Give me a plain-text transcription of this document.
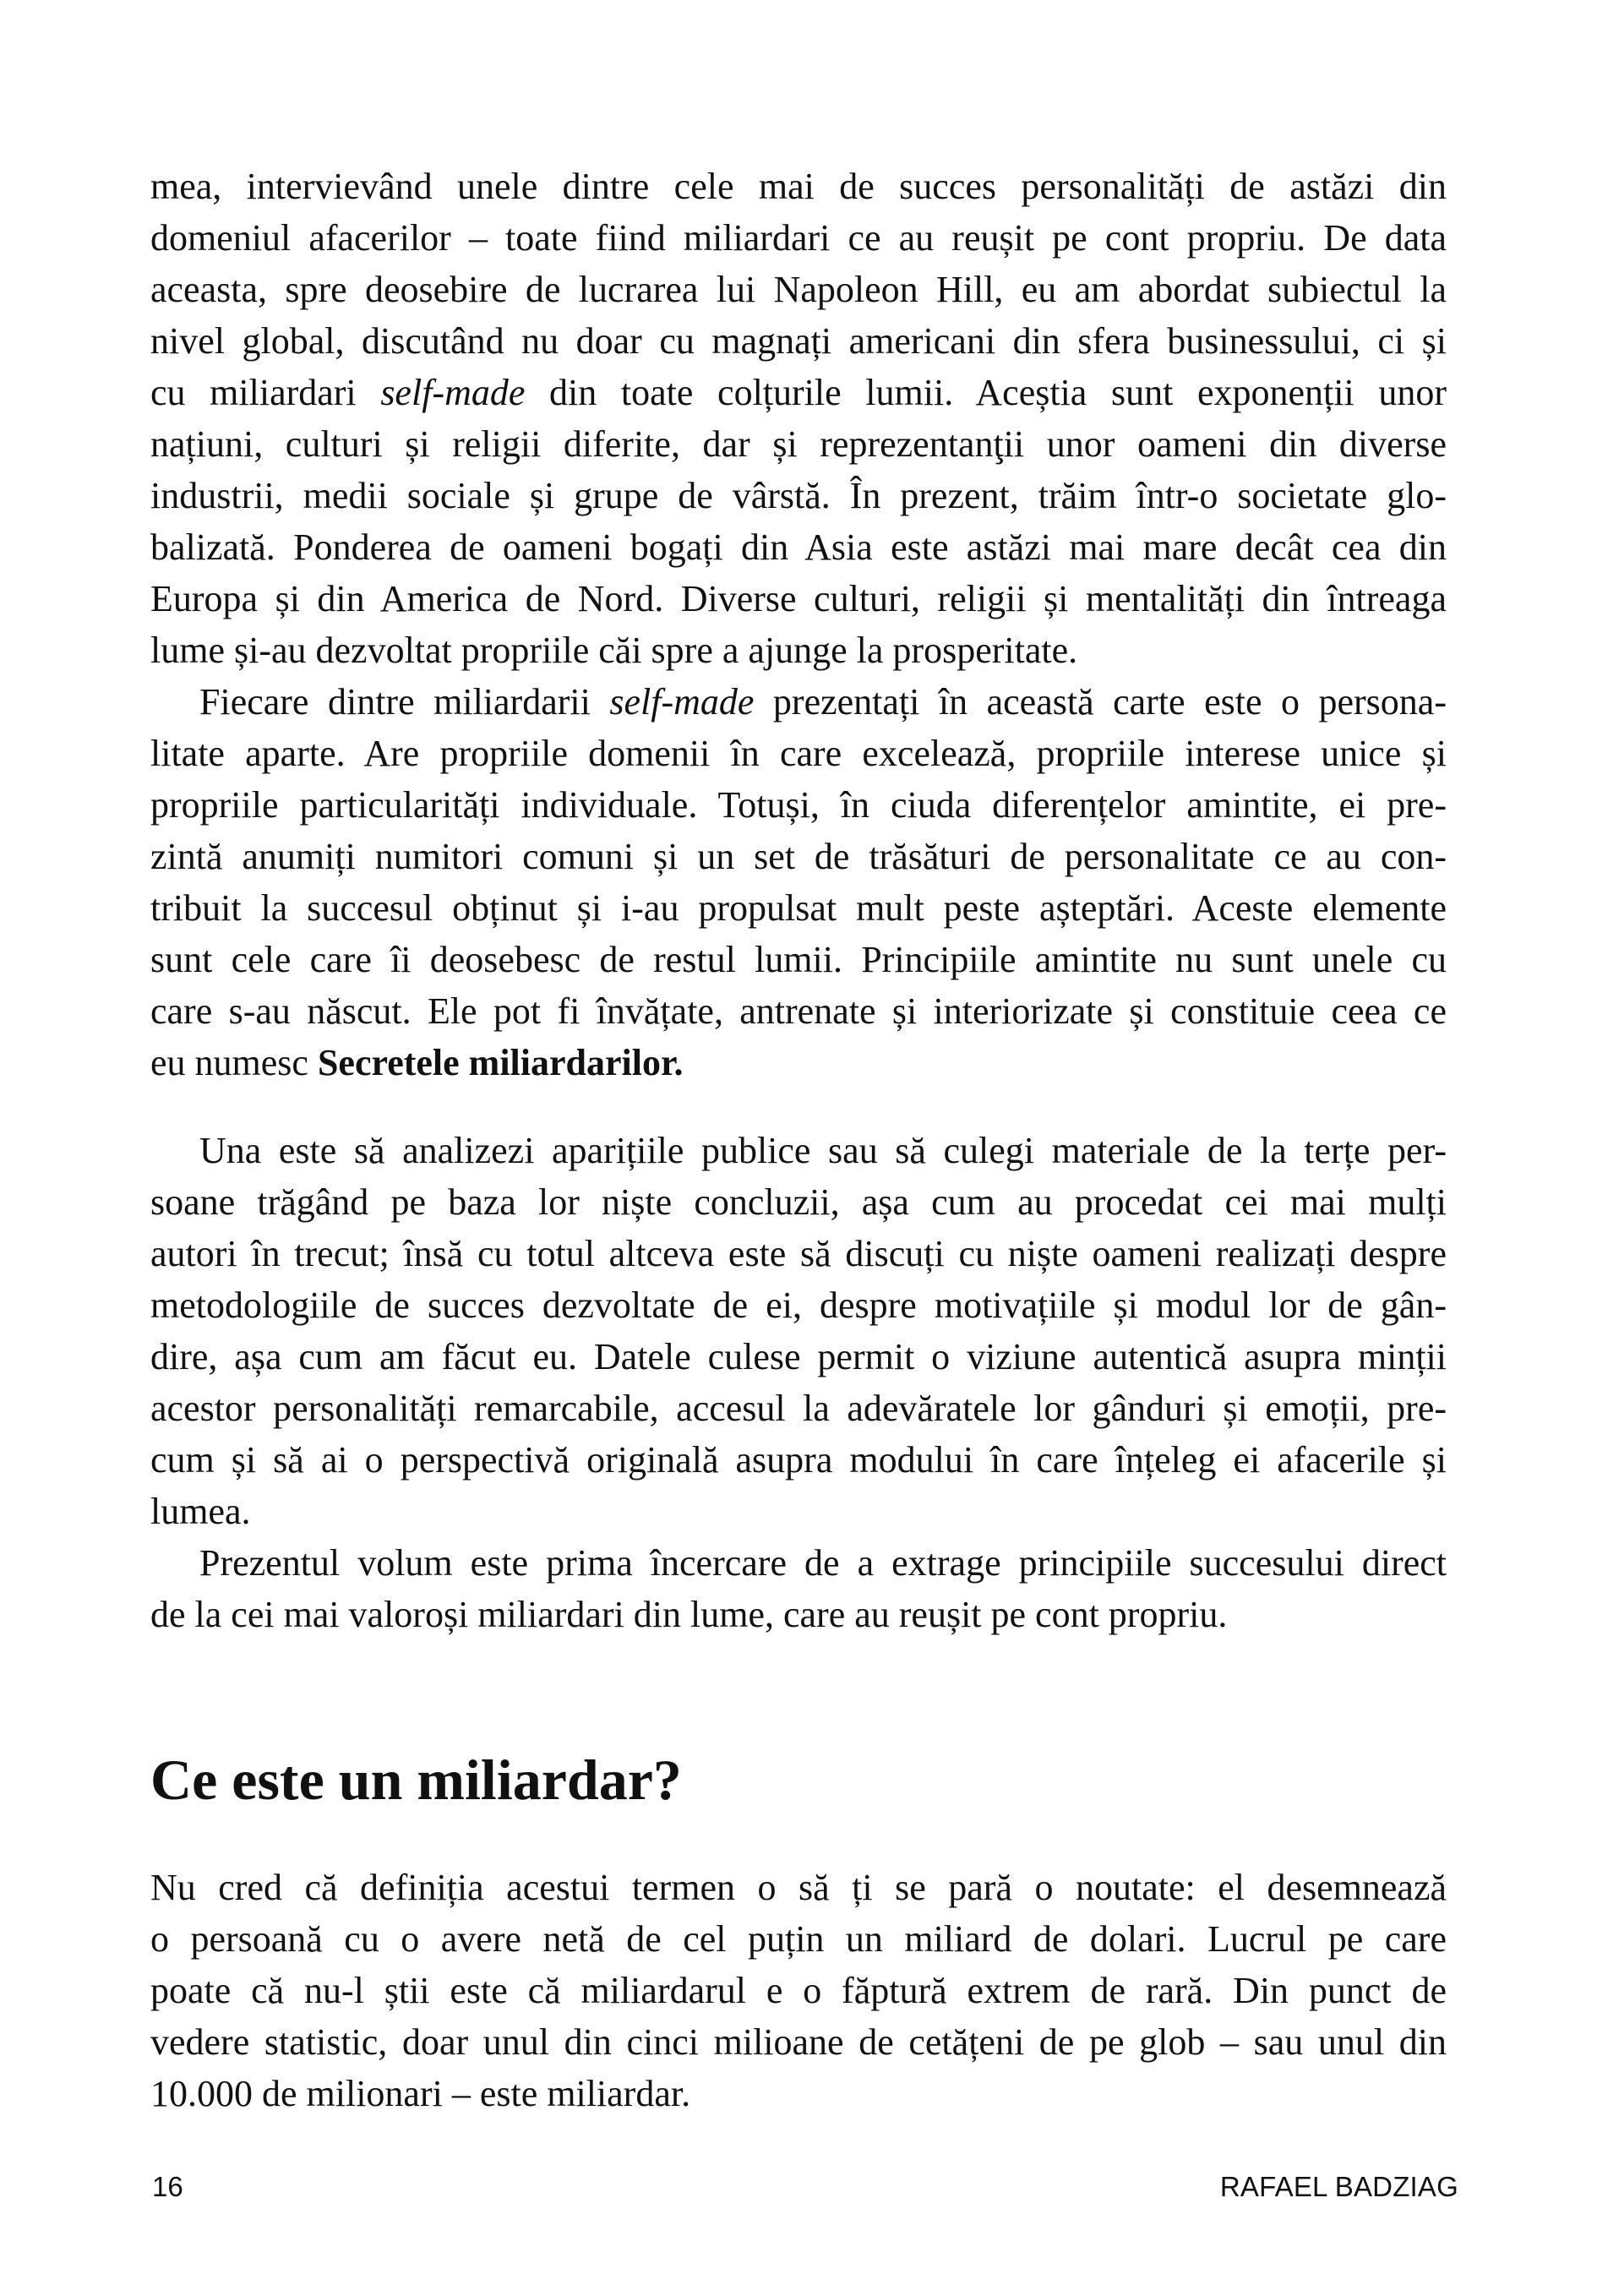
mea, intervievând unele dintre cele mai de succes personalități de astăzi din
domeniul afacerilor – toate fiind miliardari ce au reușit pe cont propriu. De data
aceasta, spre deosebire de lucrarea lui Napoleon Hill, eu am abordat subiectul la
nivel global, discutând nu doar cu magnați americani din sfera businessului, ci și
cu miliardari self-made din toate colțurile lumii. Aceștia sunt exponenții unor
națiuni, culturi și religii diferite, dar și reprezentanţii unor oameni din diverse
industrii, medii sociale și grupe de vârstă. În prezent, trăim într-o societate glo-
balizată. Ponderea de oameni bogați din Asia este astăzi mai mare decât cea din
Europa și din America de Nord. Diverse culturi, religii și mentalități din întreaga
lume și-au dezvoltat propriile căi spre a ajunge la prosperitate.
Fiecare dintre miliardarii self-made prezentați în această carte este o persona-
litate aparte. Are propriile domenii în care excelează, propriile interese unice și
propriile particularități individuale. Totuși, în ciuda diferențelor amintite, ei pre-
zintă anumiți numitori comuni și un set de trăsături de personalitate ce au con-
tribuit la succesul obținut și i-au propulsat mult peste așteptări. Aceste elemente
sunt cele care îi deosebesc de restul lumii. Principiile amintite nu sunt unele cu
care s-au născut. Ele pot fi învățate, antrenate și interiorizate și constituie ceea ce
eu numesc Secretele miliardarilor.
Una este să analizezi aparițiile publice sau să culegi materiale de la terțe per-
soane trăgând pe baza lor niște concluzii, așa cum au procedat cei mai mulți
autori în trecut; însă cu totul altceva este să discuți cu niște oameni realizați despre
metodologiile de succes dezvoltate de ei, despre motivațiile și modul lor de gân-
dire, așa cum am făcut eu. Datele culese permit o viziune autentică asupra minții
acestor personalități remarcabile, accesul la adevăratele lor gânduri și emoții, pre-
cum și să ai o perspectivă originală asupra modului în care înțeleg ei afacerile și
lumea.
Prezentul volum este prima încercare de a extrage principiile succesului direct
de la cei mai valoroși miliardari din lume, care au reușit pe cont propriu.
Ce este un miliardar?
Nu cred că definiția acestui termen o să ți se pară o noutate: el desemnează
o persoană cu o avere netă de cel puțin un miliard de dolari. Lucrul pe care
poate că nu-l știi este că miliardarul e o făptură extrem de rară. Din punct de
vedere statistic, doar unul din cinci milioane de cetățeni de pe glob – sau unul din
10.000 de milionari – este miliardar.
16	RAFAEL BADZIAG
